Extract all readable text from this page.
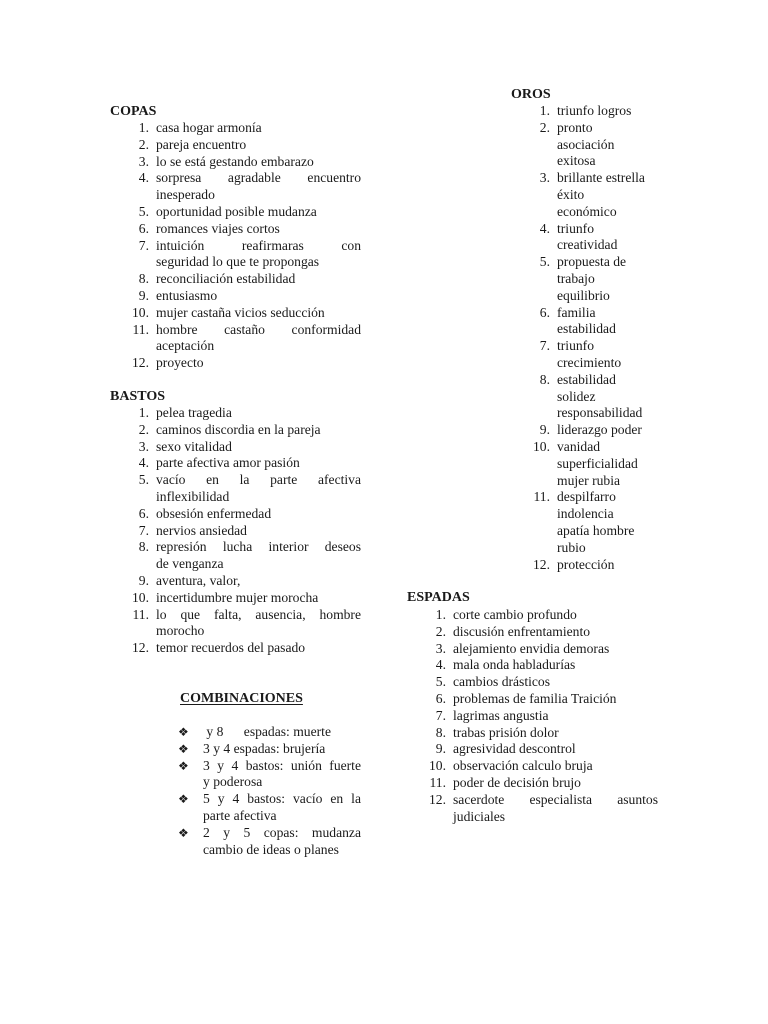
COPAS
1. casa hogar armonía
2. pareja encuentro
3. lo se está gestando embarazo
4. sorpresa agradable encuentro
inesperado
5. oportunidad posible mudanza
6. romances viajes cortos
7. intuición reafirmaras con
seguridad lo que te propongas
8. reconciliación estabilidad
9. entusiasmo
10. mujer castaña vicios seducción
11. hombre castaño conformidad
aceptación
12. proyecto
BASTOS
1. pelea tragedia
2. caminos discordia en la pareja
3. sexo vitalidad
4. parte afectiva amor pasión
5. vacío en la parte afectiva
inflexibilidad
6. obsesión enfermedad
7. nervios ansiedad
8. represión lucha interior deseos
de venganza
9. aventura, valor,
10. incertidumbre mujer morocha
11. lo que falta, ausencia, hombre
morocho
12. temor recuerdos del pasado
COMBINACIONES
❖ y 8      espadas: muerte
❖ 3 y 4 espadas: brujería
❖ 3 y 4 bastos: unión fuerte
y poderosa
❖ 5 y 4 bastos: vacío en la
parte afectiva
❖ 2 y 5 copas: mudanza
cambio de ideas o planes
OROS
1. triunfo logros
2. pronto
asociación
exitosa
3. brillante estrella
éxito
económico
4. triunfo
creatividad
5. propuesta de
trabajo
equilibrio
6. familia
estabilidad
7. triunfo
crecimiento
8. estabilidad
solidez
responsabilidad
9. liderazgo poder
10. vanidad
superficialidad
mujer rubia
11. despilfarro
indolencia
apatía hombre
rubio
12. protección
ESPADAS
1. corte cambio profundo
2. discusión enfrentamiento
3. alejamiento envidia demoras
4. mala onda habladurías
5. cambios drásticos
6. problemas de familia Traición
7. lagrimas angustia
8. trabas prisión dolor
9. agresividad descontrol
10. observación calculo bruja
11. poder de decisión brujo
12. sacerdote especialista asuntos
judiciales
